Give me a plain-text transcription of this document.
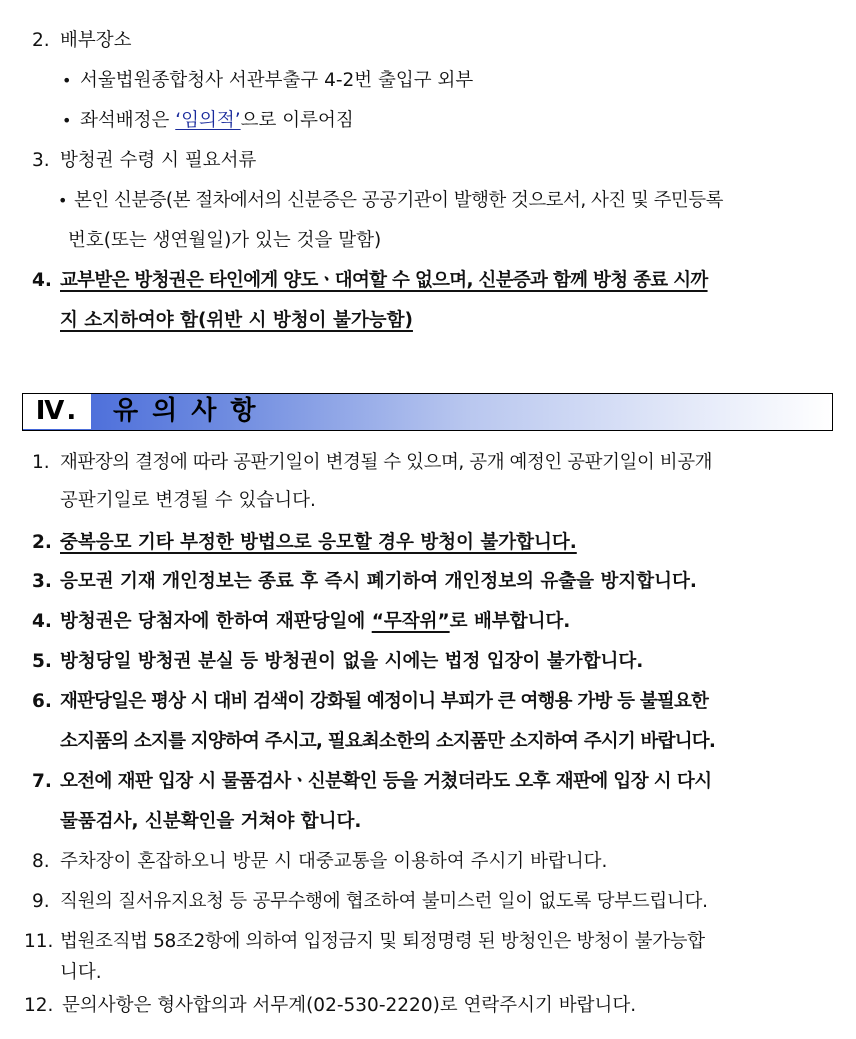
2. 배부장소
• 서울법원종합청사 서관부출구 4-2번 출입구 외부
• 좌석배정은 ‘임의적’으로 이루어짐
3. 방청권 수령 시 필요서류
• 본인 신분증(본 절차에서의 신분증은 공공기관이 발행한 것으로서, 사진 및 주민등록
번호(또는 생연월일)가 있는 것을 말함)
4. 교부받은 방청권은 타인에게 양도ㆍ대여할 수 없으며, 신분증과 함께 방청 종료 시까
지 소지하여야 함(위반 시 방청이 불가능함)
Ⅳ.	유의사항
1. 재판장의 결정에 따라 공판기일이 변경될 수 있으며, 공개 예정인 공판기일이 비공개
공판기일로 변경될 수 있습니다.
2. 중복응모 기타 부정한 방법으로 응모할 경우 방청이 불가합니다.
3. 응모권 기재 개인정보는 종료 후 즉시 폐기하여 개인정보의 유출을 방지합니다.
4. 방청권은 당첨자에 한하여 재판당일에 “무작위”로 배부합니다.
5. 방청당일 방청권 분실 등 방청권이 없을 시에는 법정 입장이 불가합니다.
6. 재판당일은 평상 시 대비 검색이 강화될 예정이니 부피가 큰 여행용 가방 등 불필요한
소지품의 소지를 지양하여 주시고, 필요최소한의 소지품만 소지하여 주시기 바랍니다.
7. 오전에 재판 입장 시 물품검사ㆍ신분확인 등을 거쳤더라도 오후 재판에 입장 시 다시
물품검사, 신분확인을 거쳐야 합니다.
8. 주차장이 혼잡하오니 방문 시 대중교통을 이용하여 주시기 바랍니다.
9. 직원의 질서유지요청 등 공무수행에 협조하여 불미스런 일이 없도록 당부드립니다.
11. 법원조직법 58조2항에 의하여 입정금지 및 퇴정명령 된 방청인은 방청이 불가능합
니다.
12. 문의사항은 형사합의과 서무계(02-530-2220)로 연락주시기 바랍니다.
